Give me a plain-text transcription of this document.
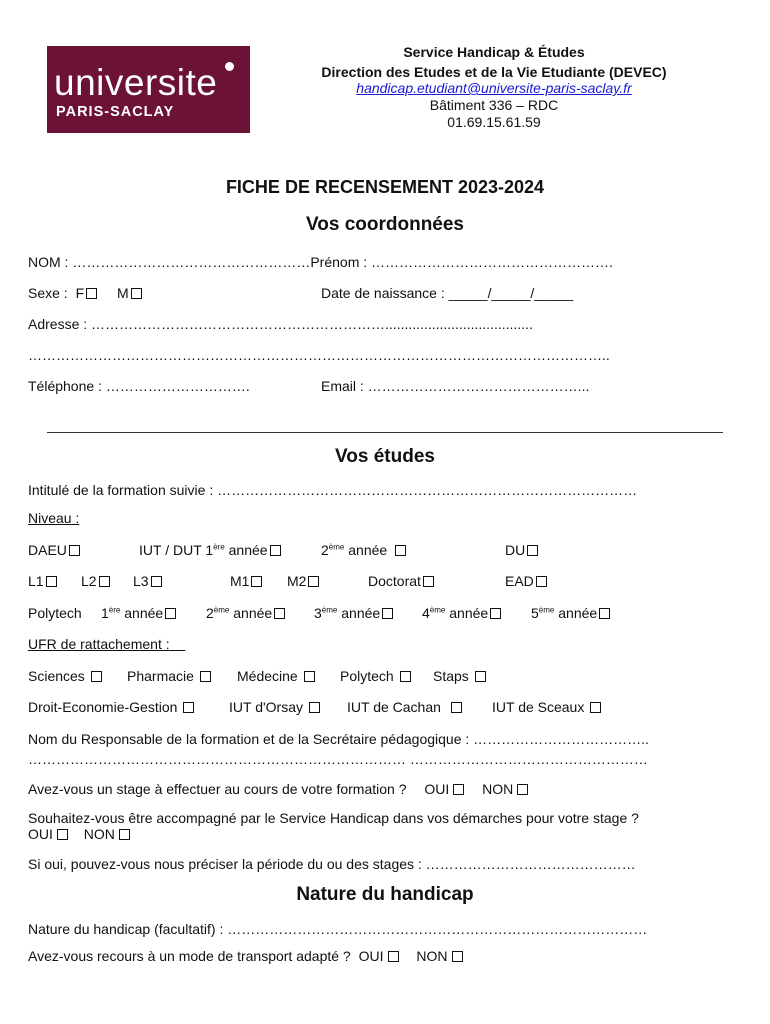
universite
PARIS-SACLAY
Service Handicap & Études
Direction des Etudes et de la Vie Etudiante (DEVEC)
handicap.etudiant@universite-paris-saclay.fr
Bâtiment 336 – RDC
01.69.15.61.59
FICHE DE RECENSEMENT 2023-2024
Vos coordonnées
NOM : ……………………………………………Prénom : …………………………………………….
Sexe : F M	Date de naissance : _____/_____/_____
Adresse : ………………………………………………………......................................
……………………………………………………………………………………………………………..
Téléphone : ………………………….	Email : ………………………………………...
Vos études
Intitulé de la formation suivie : ………………………………………………………………………………
Niveau :
DAEU	IUT / DUT 1ère année	2ème année	DU
L1	L2	L3	M1	M2	Doctorat	EAD
Polytech 1ère année	2ème année	3ème année	4ème année	5ème année
UFR de rattachement :
Sciences	Pharmacie	Médecine	Polytech	Staps
Droit-Economie-Gestion	IUT d'Orsay	IUT de Cachan	IUT de Sceaux
Nom du Responsable de la formation et de la Secrétaire pédagogique : ………………………………..
……………………………………………………………………… ……………………………………………
Avez-vous un stage à effectuer au cours de votre formation ? OUI NON
Souhaitez-vous être accompagné par le Service Handicap dans vos démarches pour votre stage ?
OUI NON
Si oui, pouvez-vous nous préciser la période du ou des stages : ………………………………………
Nature du handicap
Nature du handicap (facultatif) : ………………………………………………………………………………
Avez-vous recours à un mode de transport adapté ? OUI NON
